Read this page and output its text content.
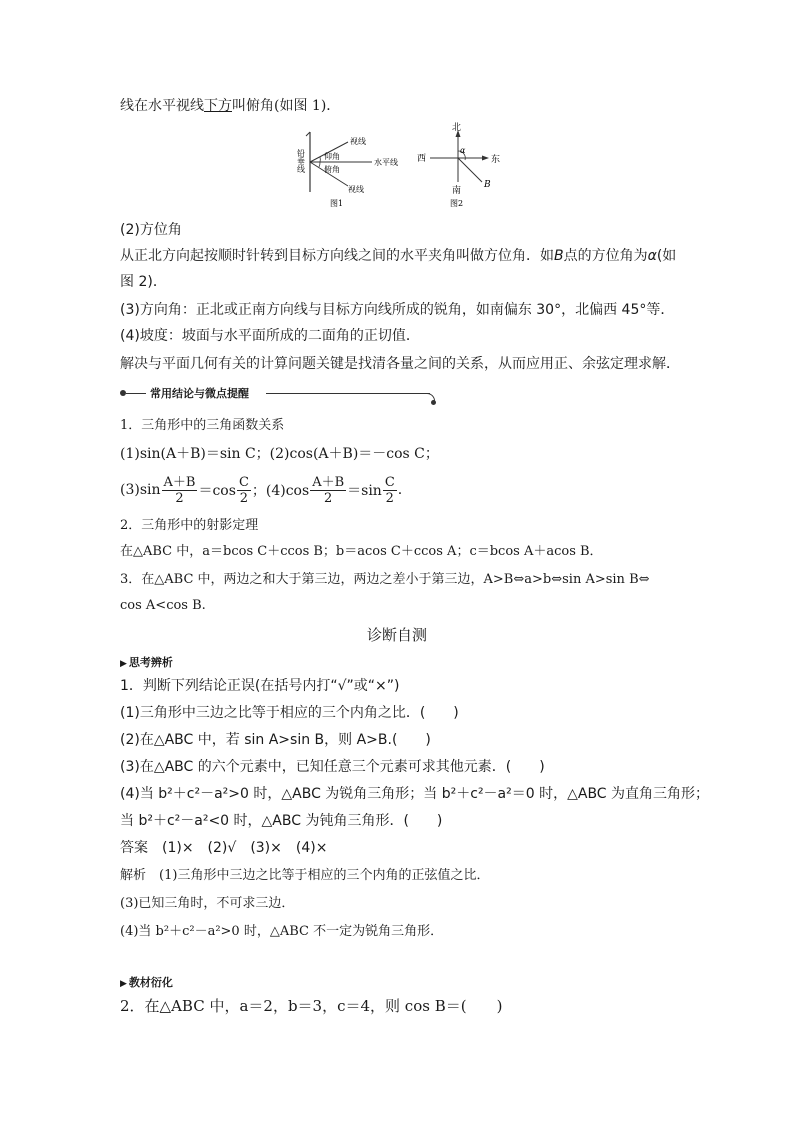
线在水平视线下方叫俯角(如图 1)．
铅
垂
线
视线
仰角
水平线
俯角
视线
图1
北
西	东
南
α
B
图2
(2)方位角
从正北方向起按顺时针转到目标方向线之间的水平夹角叫做方位角．如B点的方位角为α(如
图 2)．
(3)方向角：正北或正南方向线与目标方向线所成的锐角，如南偏东 30°，北偏西 45°等．
(4)坡度：坡面与水平面所成的二面角的正切值．
解决与平面几何有关的计算问题关键是找清各量之间的关系，从而应用正、余弦定理求解．
常用结论与微点提醒
1．三角形中的三角函数关系
(1)sin(A＋B)＝sin C；(2)cos(A＋B)＝－cos C；
$(3)\sin \frac{A+B}{2} =\cos \frac{C}{2}$ ；$(4)\cos \frac{A+B}{2} =\sin \frac{C}{2}$ .
2．三角形中的射影定理
在△ABC 中，a＝bcos C＋ccos B；b＝acos C＋ccos A；c＝bcos A＋acos B．
3．在△ABC 中，两边之和大于第三边，两边之差小于第三边，A>B⇔a>b⇔sin A>sin B⇔
cos A<cos B.
诊断自测
▶ 思考辨析
1．判断下列结论正误(在括号内打“√”或“×”)
(1)三角形中三边之比等于相应的三个内角之比．(　　)
(2)在△ABC 中，若 sin A>sin B，则 A>B.(　　)
(3)在△ABC 的六个元素中，已知任意三个元素可求其他元素．(　　)
(4)当 b²＋c²－a²>0 时，△ABC 为锐角三角形；当 b²＋c²－a²＝0 时，△ABC 为直角三角形；
当 b²＋c²－a²<0 时，△ABC 为钝角三角形．(　　)
答案　 (1)×　(2)√　(3)×　(4)×
解析　 (1)三角形中三边之比等于相应的三个内角的正弦值之比．
(3)已知三角时，不可求三边．
(4)当 b²＋c²－a²>0 时，△ABC 不一定为锐角三角形．
▶ 教材衍化
2．在△ABC 中，a＝2，b＝3，c＝4，则 cos B＝(　　)
